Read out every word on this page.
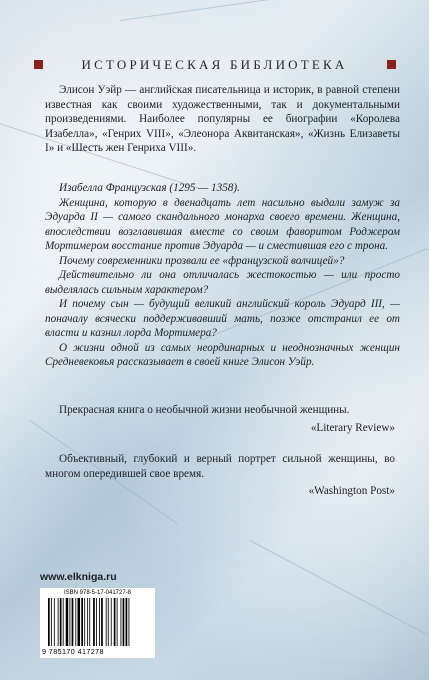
ИСТОРИЧЕСКАЯ БИБЛИОТЕКА

Элисон Уэйр — английская писательница и историк, в равной степени известная как своими художественными, так и документальными произведениями. Наиболее популярны ее биографии «Королева Изабелла», «Генрих VIII», «Элеонора Аквитанская», «Жизнь Елизаветы I» и «Шесть жен Генриха VIII».

Изабелла Французская (1295 — 1358).

Женщина, которую в двенадцать лет насильно выдали замуж за Эдуарда II — самого скандального монарха своего времени. Женщина, впоследствии возглавившая вместе со своим фаворитом Роджером Мортимером восстание против Эдуарда — и сместившая его с трона.

Почему современники прозвали ее «французской волчицей»?

Действительно ли она отличалась жестокостью — или просто выделялась сильным характером?

И почему сын — будущий великий английский король Эдуард III, — поначалу всячески поддерживавший мать, позже отстранил ее от власти и казнил лорда Мортимера?

О жизни одной из самых неординарных и неоднозначных женщин Средневековья рассказывает в своей книге Элисон Уэйр.

Прекрасная книга о необычной жизни необычной женщины.

«Literary Review»

Объективный, глубокий и верный портрет сильной женщины, во многом опередившей свое время.

«Washington Post»

www.elkniga.ru
ISBN 978-5-17-041727-8
9 785170 417278
